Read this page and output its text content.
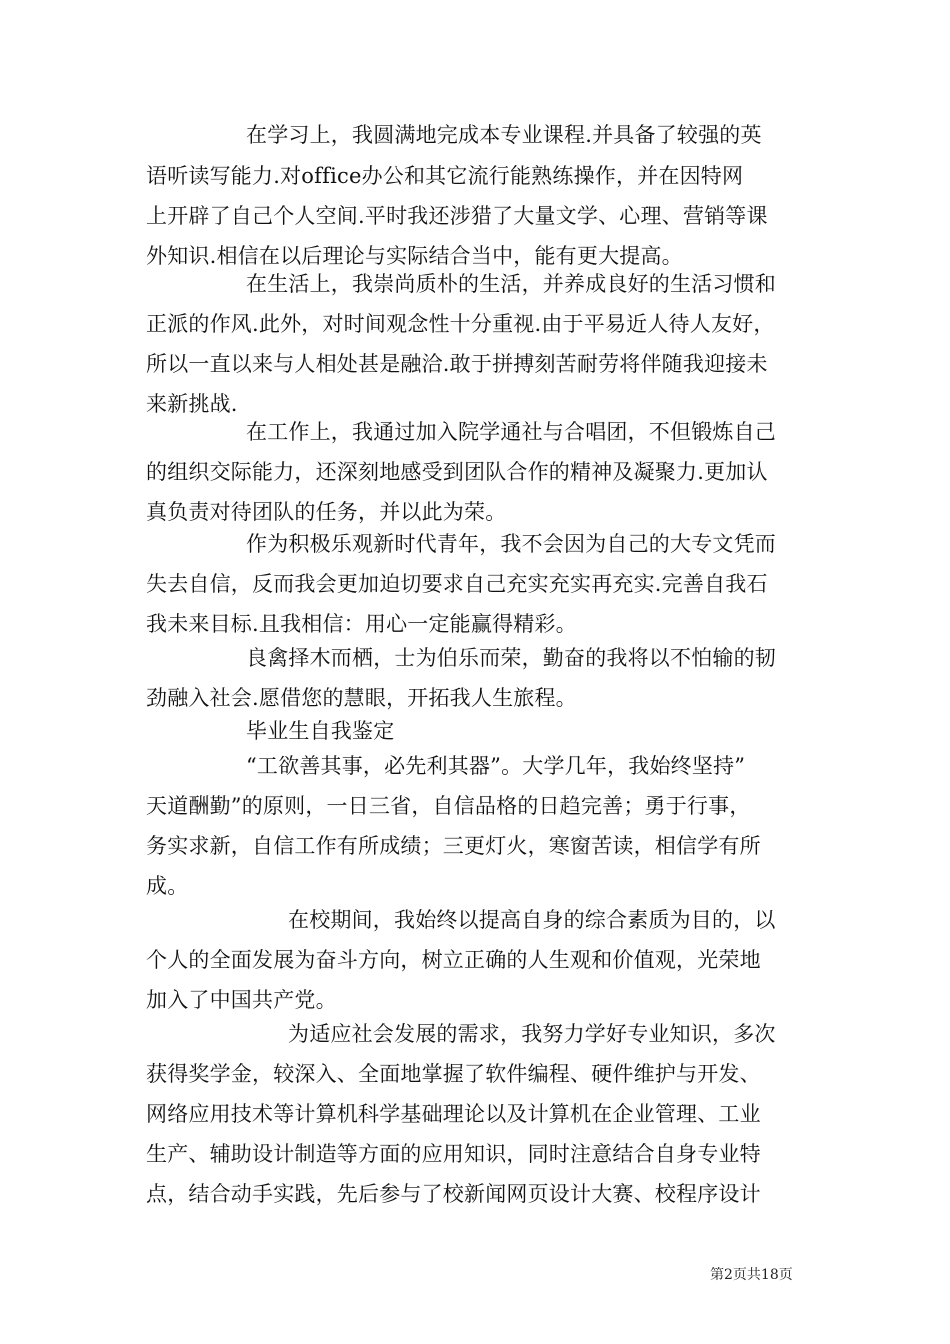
在学习上，我圆满地完成本专业课程.并具备了较强的英
语听读写能力.对office办公和其它流行能熟练操作，并在因特网
上开辟了自己个人空间.平时我还涉猎了大量文学、心理、营销等课
外知识.相信在以后理论与实际结合当中，能有更大提高。
在生活上，我崇尚质朴的生活，并养成良好的生活习惯和
正派的作风.此外，对时间观念性十分重视.由于平易近人待人友好，
所以一直以来与人相处甚是融洽.敢于拼搏刻苦耐劳将伴随我迎接未
来新挑战.
在工作上，我通过加入院学通社与合唱团，不但锻炼自己
的组织交际能力，还深刻地感受到团队合作的精神及凝聚力.更加认
真负责对待团队的任务，并以此为荣。
作为积极乐观新时代青年，我不会因为自己的大专文凭而
失去自信，反而我会更加迫切要求自己充实充实再充实.完善自我石
我未来目标.且我相信：用心一定能赢得精彩。
良禽择木而栖，士为伯乐而荣，勤奋的我将以不怕输的韧
劲融入社会.愿借您的慧眼，开拓我人生旅程。
毕业生自我鉴定
“工欲善其事，必先利其器”。大学几年，我始终坚持”
天道酬勤”的原则，一日三省，自信品格的日趋完善；勇于行事，
务实求新，自信工作有所成绩；三更灯火，寒窗苦读，相信学有所
成。
在校期间，我始终以提高自身的综合素质为目的，以
个人的全面发展为奋斗方向，树立正确的人生观和价值观，光荣地
加入了中国共产党。
为适应社会发展的需求，我努力学好专业知识，多次
获得奖学金，较深入、全面地掌握了软件编程、硬件维护与开发、
网络应用技术等计算机科学基础理论以及计算机在企业管理、工业
生产、辅助设计制造等方面的应用知识，同时注意结合自身专业特
点，结合动手实践，先后参与了校新闻网页设计大赛、校程序设计
第2页共18页
